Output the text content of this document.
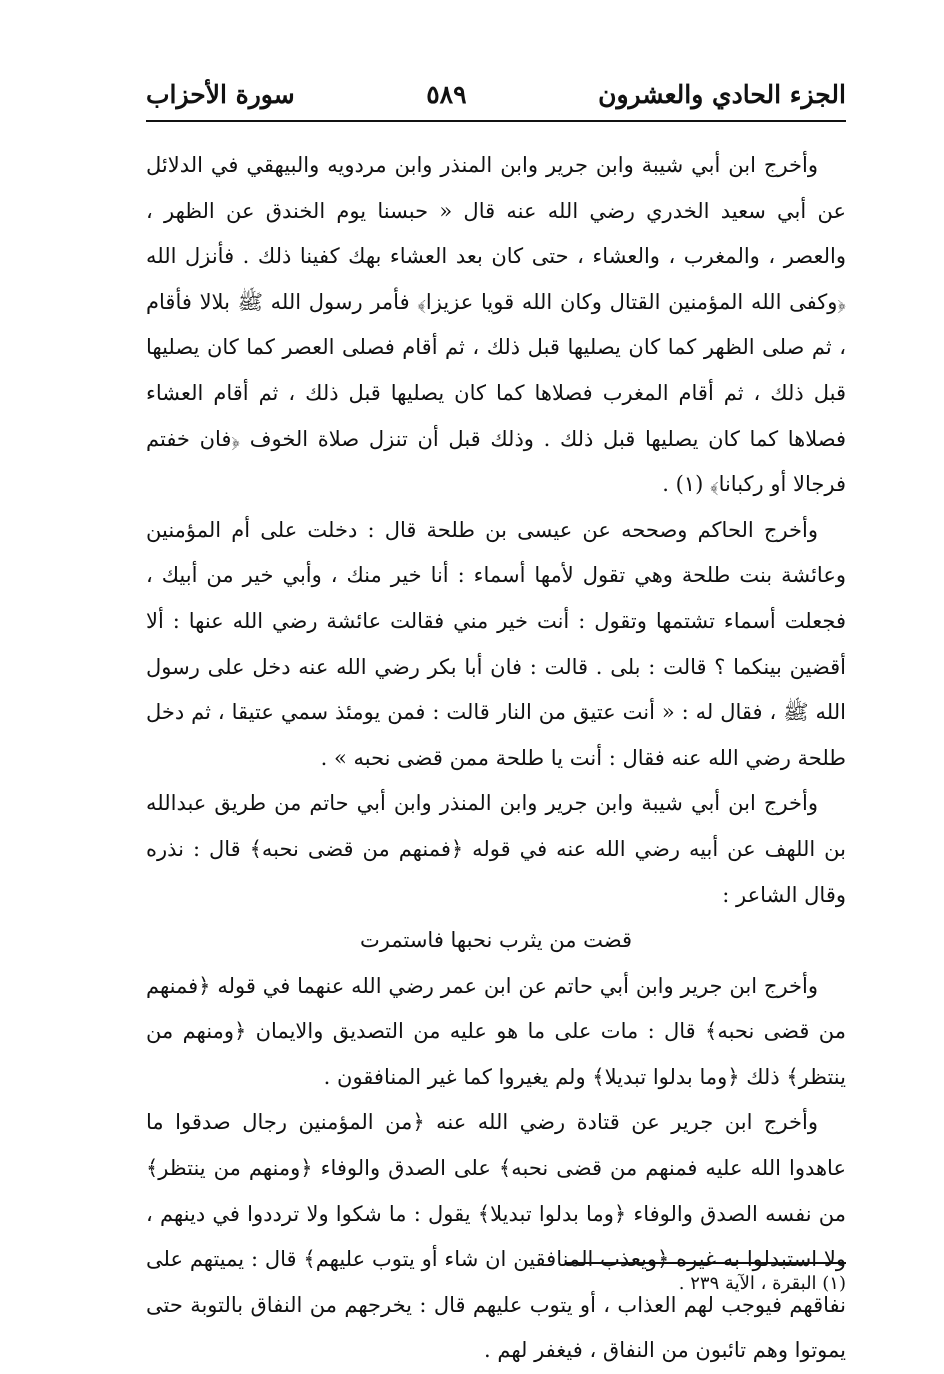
الجزء الحادي والعشرون
٥٨٩
سورة الأحزاب

وأخرج ابن أبي شيبة وابن جرير وابن المنذر وابن مردويه والبيهقي في الدلائل عن أبي سعيد الخدري رضي الله عنه قال « حبسنا يوم الخندق عن الظهر ، والعصر ، والمغرب ، والعشاء ، حتى كان بعد العشاء بهك كفينا ذلك . فأنزل الله ﴿وكفى الله المؤمنين القتال وكان الله قويا عزيزا﴾ فأمر رسول الله ﷺ بلالا فأقام ، ثم صلى الظهر كما كان يصليها قبل ذلك ، ثم أقام فصلى العصر كما كان يصليها قبل ذلك ، ثم أقام المغرب فصلاها كما كان يصليها قبل ذلك ، ثم أقام العشاء فصلاها كما كان يصليها قبل ذلك . وذلك قبل أن تنزل صلاة الخوف ﴿فان خفتم فرجالا أو ركبانا﴾ (١) .

وأخرج الحاكم وصححه عن عيسى بن طلحة قال : دخلت على أم المؤمنين وعائشة بنت طلحة وهي تقول لأمها أسماء : أنا خير منك ، وأبي خير من أبيك ، فجعلت أسماء تشتمها وتقول : أنت خير مني فقالت عائشة رضي الله عنها : ألا أقضين بينكما ؟ قالت : بلى . قالت : فان أبا بكر رضي الله عنه دخل على رسول الله ﷺ ، فقال له : « أنت عتيق من النار قالت : فمن يومئذ سمي عتيقا ، ثم دخل طلحة رضي الله عنه فقال : أنت يا طلحة ممن قضى نحبه » .

وأخرج ابن أبي شيبة وابن جرير وابن المنذر وابن أبي حاتم من طريق عبدالله بن اللهف عن أبيه رضي الله عنه في قوله ﴿فمنهم من قضى نحبه﴾ قال : نذره وقال الشاعر :

قضت من يثرب نحبها فاستمرت

وأخرج ابن جرير وابن أبي حاتم عن ابن عمر رضي الله عنهما في قوله ﴿فمنهم من قضى نحبه﴾ قال : مات على ما هو عليه من التصديق والايمان ﴿ومنهم من ينتظر﴾ ذلك ﴿وما بدلوا تبديلا﴾ ولم يغيروا كما غير المنافقون .

وأخرج ابن جرير عن قتادة رضي الله عنه ﴿من المؤمنين رجال صدقوا ما عاهدوا الله عليه فمنهم من قضى نحبه﴾ على الصدق والوفاء ﴿ومنهم من ينتظر﴾ من نفسه الصدق والوفاء ﴿وما بدلوا تبديلا﴾ يقول : ما شكوا ولا ترددوا في دينهم ، ولا استبدلوا به غيره ﴿ويعذب المنافقين ان شاء أو يتوب عليهم﴾ قال : يميتهم على نفاقهم فيوجب لهم العذاب ، أو يتوب عليهم قال : يخرجهم من النفاق بالتوبة حتى يموتوا وهم تائبون من النفاق ، فيغفر لهم .

(١) البقرة ، الآية ٢٣٩ .
